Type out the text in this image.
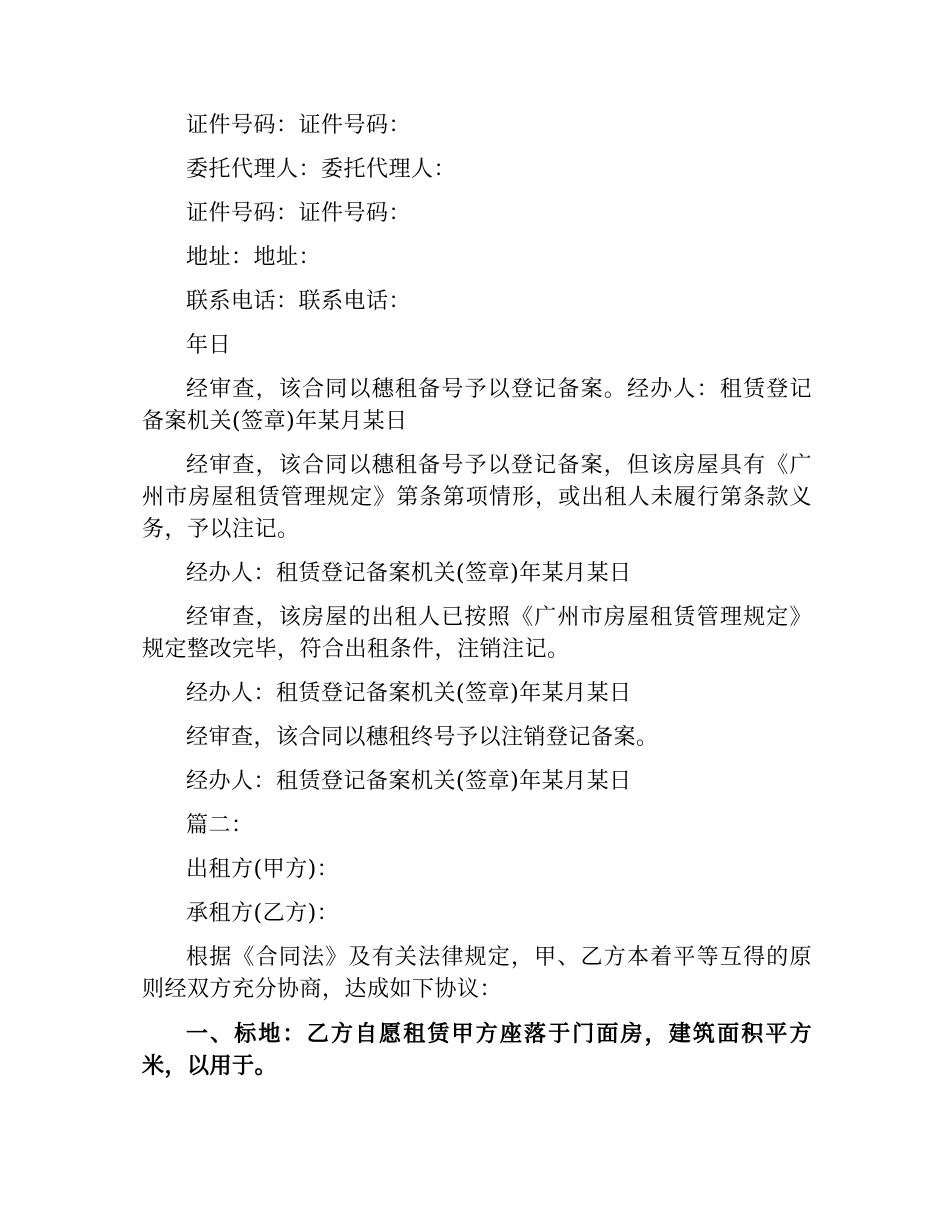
证件号码：证件号码：

委托代理人：委托代理人：

证件号码：证件号码：

地址：地址：

联系电话：联系电话：

年日

经审查，该合同以穗租备号予以登记备案。经办人：租赁登记备案机关(签章)年某月某日

经审查，该合同以穗租备号予以登记备案，但该房屋具有《广州市房屋租赁管理规定》第条第项情形，或出租人未履行第条款义务，予以注记。

经办人：租赁登记备案机关(签章)年某月某日

经审查，该房屋的出租人已按照《广州市房屋租赁管理规定》规定整改完毕，符合出租条件，注销注记。

经办人：租赁登记备案机关(签章)年某月某日

经审查，该合同以穗租终号予以注销登记备案。

经办人：租赁登记备案机关(签章)年某月某日

篇二：

出租方(甲方)：

承租方(乙方)：

根据《合同法》及有关法律规定，甲、乙方本着平等互得的原则经双方充分协商，达成如下协议：

一、标地：乙方自愿租赁甲方座落于门面房，建筑面积平方米，以用于。
